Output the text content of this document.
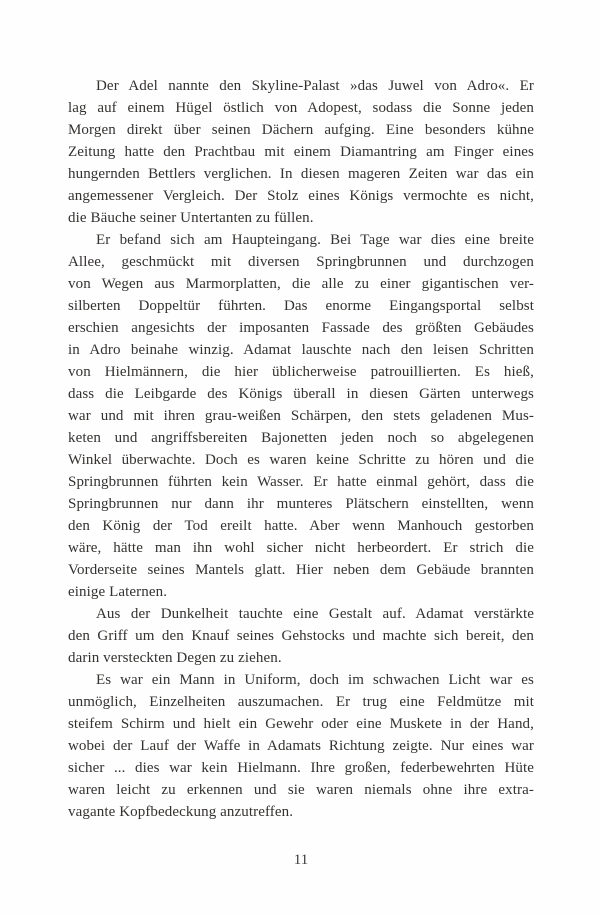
Der Adel nannte den Skyline-Palast »das Juwel von Adro«. Er
lag auf einem Hügel östlich von Adopest, sodass die Sonne jeden
Morgen direkt über seinen Dächern aufging. Eine besonders kühne
Zeitung hatte den Prachtbau mit einem Diamantring am Finger eines
hungernden Bettlers verglichen. In diesen mageren Zeiten war das ein
angemessener Vergleich. Der Stolz eines Königs vermochte es nicht,
die Bäuche seiner Untertanten zu füllen.

Er befand sich am Haupteingang. Bei Tage war dies eine breite
Allee, geschmückt mit diversen Springbrunnen und durchzogen
von Wegen aus Marmorplatten, die alle zu einer gigantischen ver-
silberten Doppeltür führten. Das enorme Eingangsportal selbst
erschien angesichts der imposanten Fassade des größten Gebäudes
in Adro beinahe winzig. Adamat lauschte nach den leisen Schritten
von Hielmännern, die hier üblicherweise patrouillierten. Es hieß,
dass die Leibgarde des Königs überall in diesen Gärten unterwegs
war und mit ihren grau-weißen Schärpen, den stets geladenen Mus-
keten und angriffsbereiten Bajonetten jeden noch so abgelegenen
Winkel überwachte. Doch es waren keine Schritte zu hören und die
Springbrunnen führten kein Wasser. Er hatte einmal gehört, dass die
Springbrunnen nur dann ihr munteres Plätschern einstellten, wenn
den König der Tod ereilt hatte. Aber wenn Manhouch gestorben
wäre, hätte man ihn wohl sicher nicht herbeordert. Er strich die
Vorderseite seines Mantels glatt. Hier neben dem Gebäude brannten
einige Laternen.

Aus der Dunkelheit tauchte eine Gestalt auf. Adamat verstärkte
den Griff um den Knauf seines Gehstocks und machte sich bereit, den
darin versteckten Degen zu ziehen.

Es war ein Mann in Uniform, doch im schwachen Licht war es
unmöglich, Einzelheiten auszumachen. Er trug eine Feldmütze mit
steifem Schirm und hielt ein Gewehr oder eine Muskete in der Hand,
wobei der Lauf der Waffe in Adamats Richtung zeigte. Nur eines war
sicher ... dies war kein Hielmann. Ihre großen, federbewehrten Hüte
waren leicht zu erkennen und sie waren niemals ohne ihre extra-
vagante Kopfbedeckung anzutreffen.

11
